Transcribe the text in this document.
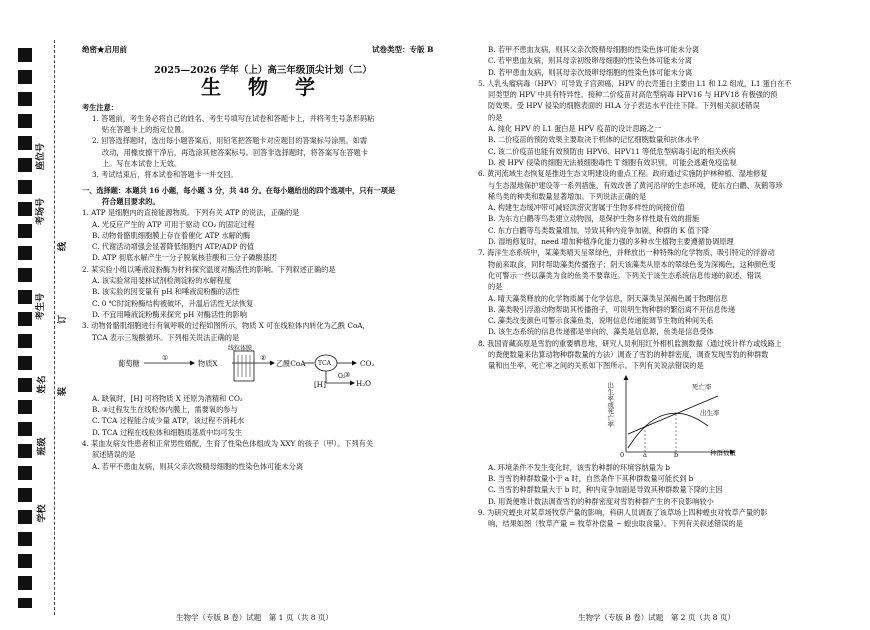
座位号
考场号
考生号
姓名
班级
学校
线
订
装
绝密★启用前	试卷类型：专版 B
2025—2026 学年（上）高三年级顶尖计划（二）
生 物 学

考生注意：

1. 答题前，考生务必将自己的姓名、考生号填写在试卷和答题卡上，并将考生号条形码粘

贴在答题卡上的指定位置。

2. 回答选择题时，选出每小题答案后，用铅笔把答题卡对应题目的答案标号涂黑。如需

改动，用橡皮擦干净后，再选涂其他答案标号。回答非选择题时，将答案写在答题卡

上。写在本试卷上无效。

3. 考试结束后，将本试卷和答题卡一并交回。

一、选择题：本题共 16 小题，每小题 3 分，共 48 分。在每小题给出的四个选项中，只有一项是

符合题目要求的。

1. ATP 是细胞内的直接能源物质。下列有关 ATP 的说法，正确的是

A. 光反应产生的 ATP 可用于驱动 CO₂ 的固定过程

B. 动物骨骼肌细胞膜上存在着催化 ATP 水解的酶

C. 代谢活动增强会显著降低细胞内 ATP/ADP 的值

D. ATP 彻底水解产生一分子脱氧核苷酸和三分子磷酸基团

2. 某实验小组以唾液淀粉酶为材料探究温度对酶活性的影响。下列叙述正确的是

A. 该实验常用斐林试剂检测淀粉的水解程度

B. 该实验的因变量有 pH 和唾液淀粉酶的活性

C. 0 ℃时淀粉酶结构被破坏，升温后活性无法恢复

D. 不宜用唾液淀粉酶来探究 pH 对酶活性的影响

3. 动物骨骼肌细胞进行有氧呼吸的过程如图所示，物质 X 可在线粒体内转化为乙酰 CoA，

TCA 表示三羧酸循环。下列相关说法正确的是

葡萄糖
①
物质X
②
线粒体膜
乙酰CoA TCA	CO₂
③
[H]	H₂O
O₂

A. 缺氧时，[H] 可将物质 X 还原为酒精和 CO₂

B. ③过程发生在线粒体内膜上，需要氧的参与

C. TCA 过程能合成少量 ATP，该过程不消耗水

D. TCA 过程在线粒体和细胞质基质中均可发生

4. 某血友病女性患者和正常男性婚配，生育了性染色体组成为 XXY 的孩子（甲）。下列有关

叙述错误的是

A. 若甲不患血友病，则其父亲次级精母细胞的性染色体可能未分离

B. 若甲不患血友病，则其父亲次级精母细胞的性染色体可能未分离

C. 若甲患血友病，则其母亲初级卵母细胞的性染色体可能未分离

D. 若甲患血友病，则其母亲次级卵母细胞的性染色体可能未分离

5. 人乳头瘤病毒（HPV）可导致子宫颈癌，HPV 的衣壳蛋白主要由 L1 和 L2 组成，L1 蛋白在不

同类型的 HPV 中具有特异性。接种二价疫苗对高危型病毒 HPV16 与 HPV18 有极强的预

防效果。受 HPV 侵染的细胞表面的 HLA 分子表达水平往往下降。下列相关叙述错误

的是

A. 纯化 HPV 的 L1 蛋白是 HPV 疫苗的设计思路之一

B. 二价疫苗的预防效果主要取决于机体的记忆细胞数量和抗体水平

C. 该二价疫苗也能有效预防由 HPV6、HPV11 等低危型病毒引起的相关疾病

D. 被 HPV 侵染的细胞无法被细胞毒性 T 细胞有效识别，可能会逃避免疫监视

6. 黄河流域生态恢复是推进生态文明建设的重点工程。政府通过实施防护林种植、湿地修复

与生态湿地保护建设等一系列措施，有效改善了黄河沿岸的生态环境，使东方白鹳、灰鹤等珍

稀鸟类的种类和数量显著增加。下列说法正确的是

A. 构建生态缓冲带可减轻洪涝灾害属于生物多样性的间接价值

B. 为东方白鹳等鸟类建立动物园，是保护生物多样性最有效的措施

C. 东方白鹳等鸟类数量增加，导致其种内竞争加剧，种群的 K 值下降

D. 湿地修复时，need 增加种植净化能力强的多种水生植物主要遵循协调原理

7. 海洋生态系统中，某藻类晴天呈翠绿色，并释放出一种特殊的化学物质，吸引特定的浮游动

物前来取食，同时帮助藻类传播孢子；阴天该藻类从原本的翠绿色变为深褐色，这种颜色变

化可警示一些以藻类为食的鱼类不要靠近。下列关于该生态系统信息传递的叙述，错误

的是

A. 晴天藻类释放的化学物质属于化学信息，阴天藻类呈深褐色属于物理信息

B. 藻类吸引浮游动物帮助其传播孢子，可说明生物种群的繁衍离不开信息传递

C. 藻类改变颜色可警示食藻鱼类，说明信息传递能调节生物的种间关系

D. 该生态系统的信息传递都是单向的，藻类是信息源，鱼类是信息受体

8. 我国青藏高原是雪豹的重要栖息地，研究人员利用红外相机监测数据（通过统计样方或线路上

的粪便数量来估算动物种群数量的方法）调查了雪豹的种群密度，调查发现雪豹的种群数

量和出生率、死亡率之间的关系如下图所示。下列有关说法错误的是

出生率或死亡率	死亡率
出生率
种群数量
0	a	b

A. 环境条件不发生变化时，该雪豹种群的环境容纳量为 b

B. 当雪豹种群数量小于 a 时，自然条件下其种群数量可能长到 b

C. 当雪豹种群数量大于 b 时，种内竞争加剧是导致其种群数量下降的主因

D. 用粪便堆计数法调查雪豹的种群密度对雪豹种群产生的不良影响较小

9. 为研究蝗虫对某草场牧草产量的影响，科研人员调查了该草场上四种蝗虫对牧草产量的影

响，结果如图（牧草产量 = 牧草补偿量 − 蝗虫取食量）。下列有关叙述错误的是

生物学（专版 B 卷）试题　第 1 页（共 8 页）	生物学（专版 B 卷）试题　第 2 页（共 8 页）
